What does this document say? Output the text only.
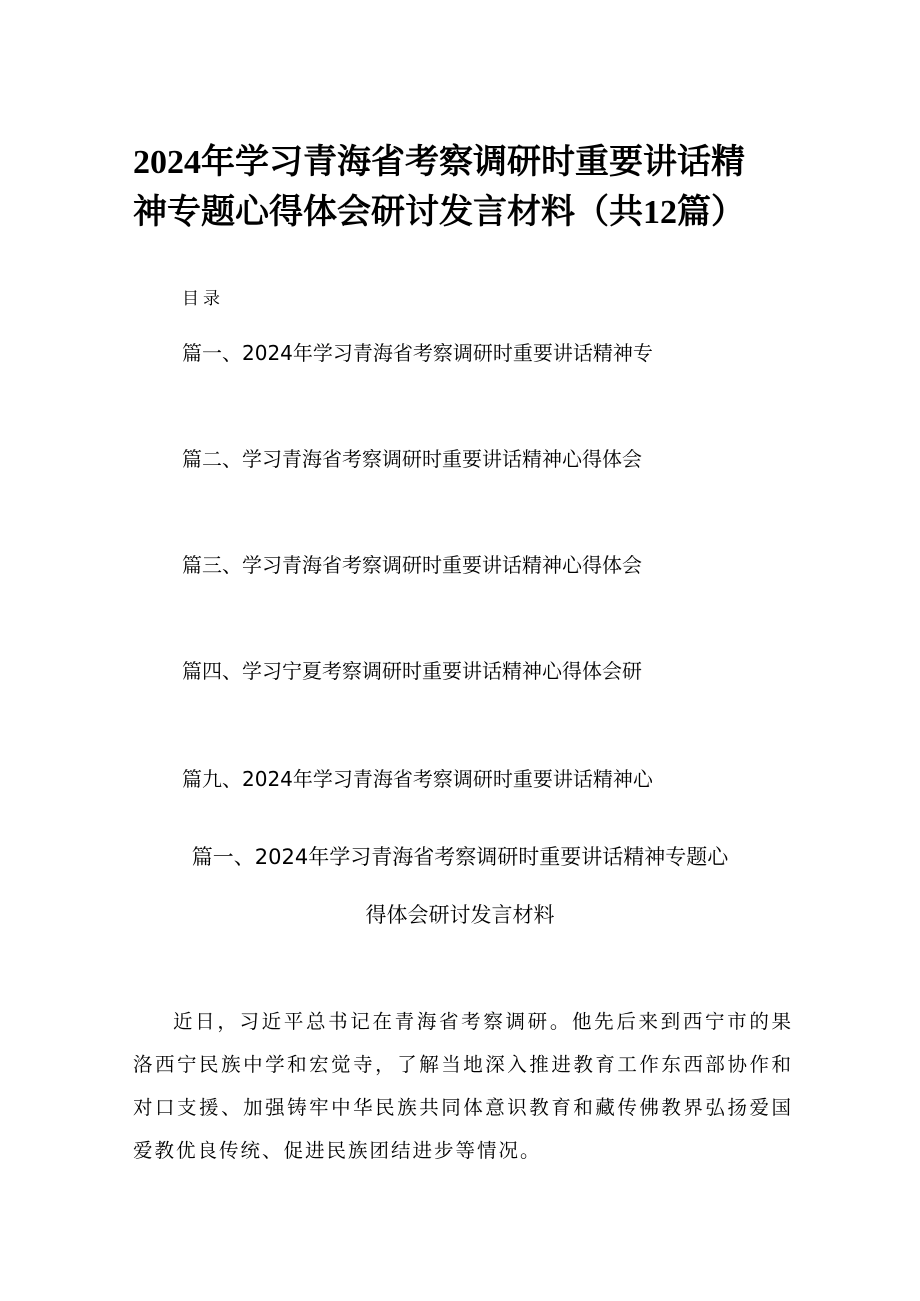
2024年学习青海省考察调研时重要讲话精
神专题心得体会研讨发言材料（共12篇）
目录
篇一、2024年学习青海省考察调研时重要讲话精神专
篇二、学习青海省考察调研时重要讲话精神心得体会
篇三、学习青海省考察调研时重要讲话精神心得体会
篇四、学习宁夏考察调研时重要讲话精神心得体会研
篇九、2024年学习青海省考察调研时重要讲话精神心
篇一、2024年学习青海省考察调研时重要讲话精神专题心
得体会研讨发言材料

近日，习近平总书记在青海省考察调研。他先后来到西宁市的果洛西宁民族中学和宏觉寺，了解当地深入推进教育工作东西部协作和对口支援、加强铸牢中华民族共同体意识教育和藏传佛教界弘扬爱国爱教优良传统、促进民族团结进步等情况。
